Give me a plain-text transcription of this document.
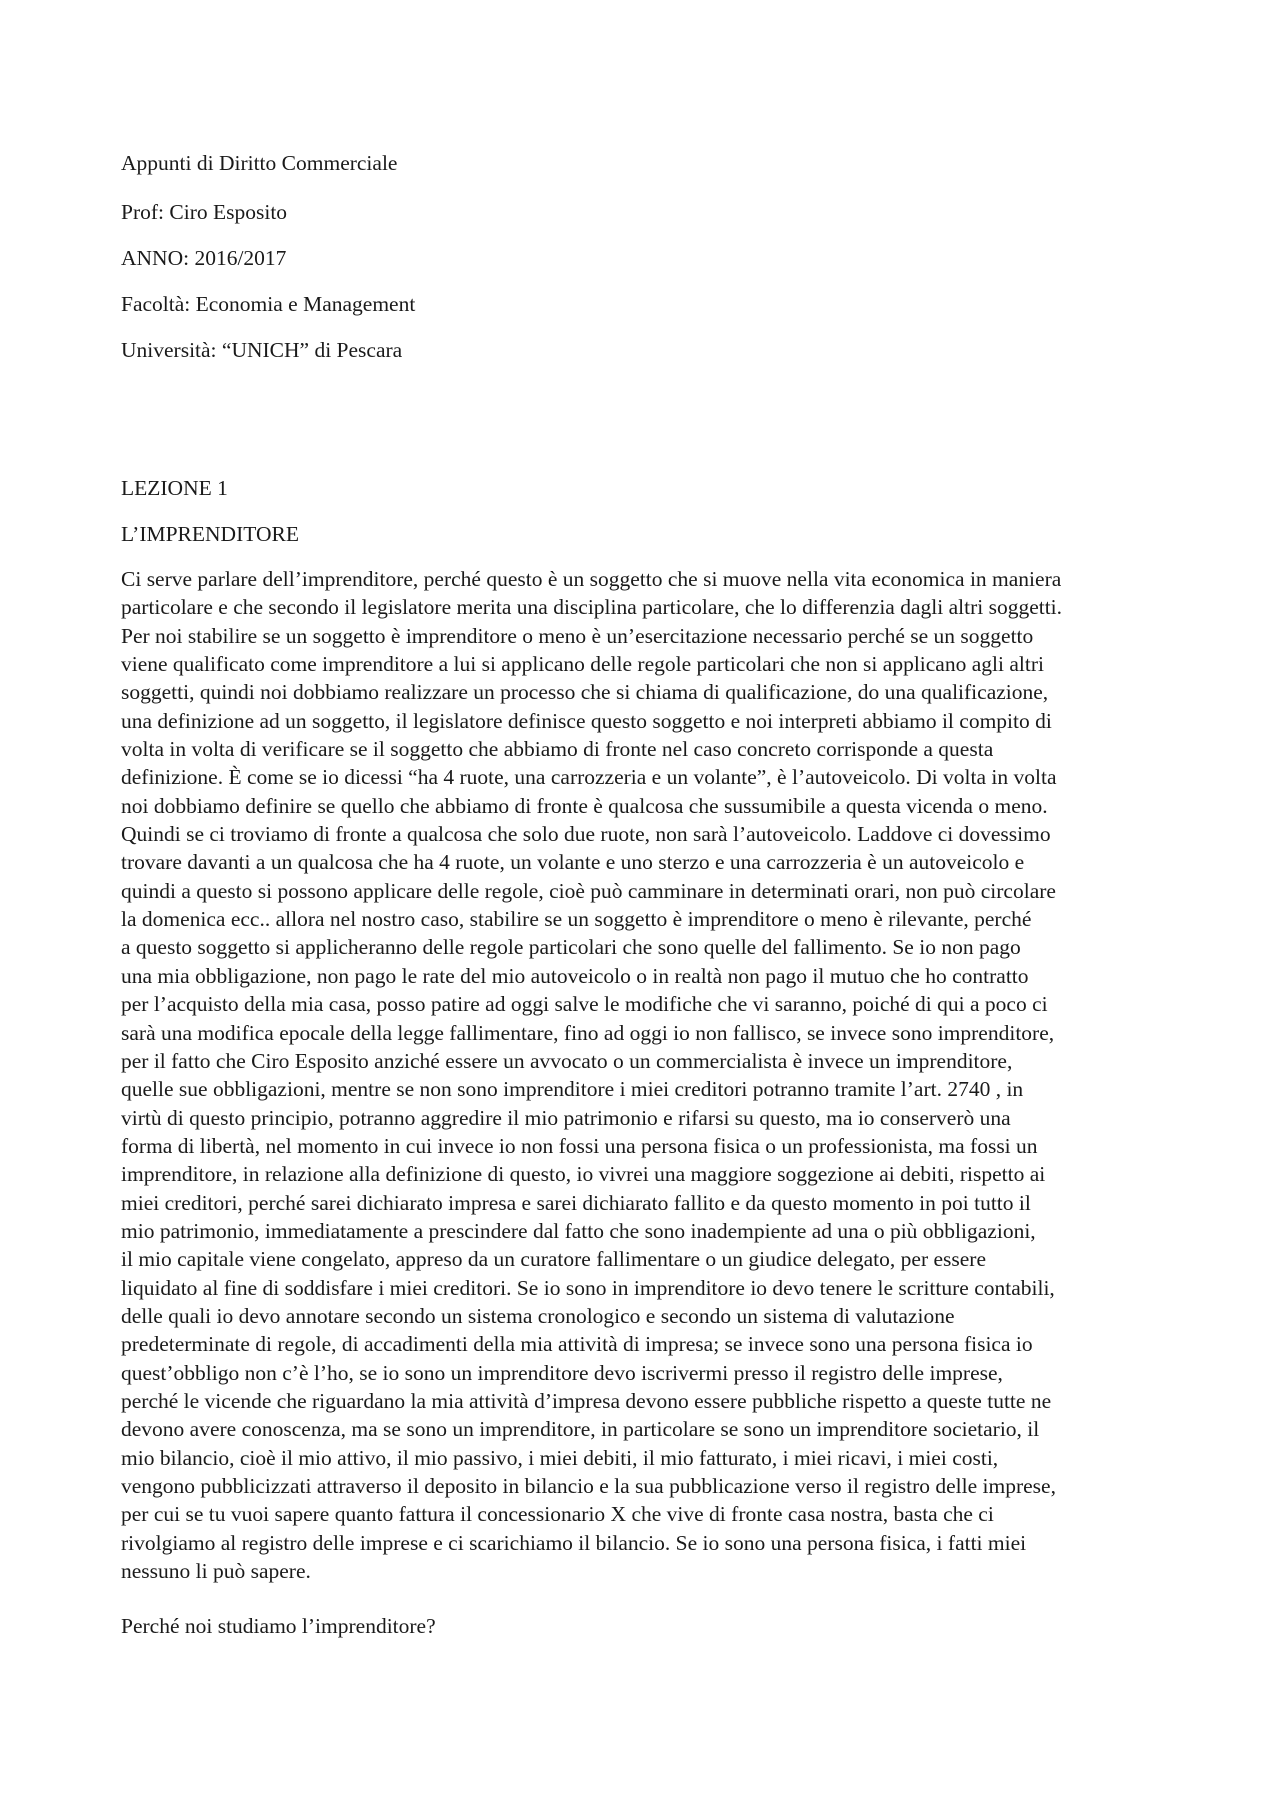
Appunti di Diritto Commerciale
Prof: Ciro Esposito
ANNO: 2016/2017
Facoltà: Economia e Management
Università: “UNICH” di Pescara
LEZIONE 1
L’IMPRENDITORE
Ci serve parlare dell’imprenditore, perché questo è un soggetto che si muove nella vita economica in maniera
particolare e che secondo il legislatore merita una disciplina particolare, che lo differenzia dagli altri soggetti.
Per noi stabilire se un soggetto è imprenditore o meno è un’esercitazione necessario perché se un soggetto
viene qualificato come imprenditore a lui si applicano delle regole particolari che non si applicano agli altri
soggetti, quindi noi dobbiamo realizzare un processo che si chiama di qualificazione, do una qualificazione,
una definizione ad un soggetto, il legislatore definisce questo soggetto e noi interpreti abbiamo il compito di
volta in volta di verificare se il soggetto che abbiamo di fronte nel caso concreto corrisponde a questa
definizione. È come se io dicessi “ha 4 ruote, una carrozzeria e un volante”, è l’autoveicolo. Di volta in volta
noi dobbiamo definire se quello che abbiamo di fronte è qualcosa che sussumibile a questa vicenda o meno.
Quindi se ci troviamo di fronte a qualcosa che solo due ruote, non sarà l’autoveicolo. Laddove ci dovessimo
trovare davanti a un qualcosa che ha 4 ruote, un volante e uno sterzo e una carrozzeria è un autoveicolo e
quindi a questo si possono applicare delle regole, cioè può camminare in determinati orari, non può circolare
la domenica ecc.. allora nel nostro caso, stabilire se un soggetto è imprenditore o meno è rilevante, perché
a questo soggetto si applicheranno delle regole particolari che sono quelle del fallimento. Se io non pago
una mia obbligazione, non pago le rate del mio autoveicolo o in realtà non pago il mutuo che ho contratto
per l’acquisto della mia casa, posso patire ad oggi salve le modifiche che vi saranno, poiché di qui a poco ci
sarà una modifica epocale della legge fallimentare, fino ad oggi io non fallisco, se invece sono imprenditore,
per il fatto che Ciro Esposito anziché essere un avvocato o un commercialista è invece un imprenditore,
quelle sue obbligazioni, mentre se non sono imprenditore i miei creditori potranno tramite l’art. 2740 , in
virtù di questo principio, potranno aggredire il mio patrimonio e rifarsi su questo, ma io conserverò una
forma di libertà, nel momento in cui invece io non fossi una persona fisica o un professionista, ma fossi un
imprenditore, in relazione alla definizione di questo, io vivrei una maggiore soggezione ai debiti, rispetto ai
miei creditori, perché sarei dichiarato impresa e sarei dichiarato fallito e da questo momento in poi tutto il
mio patrimonio, immediatamente a prescindere dal fatto che sono inadempiente ad una o più obbligazioni,
il mio capitale viene congelato, appreso da un curatore fallimentare o un giudice delegato, per essere
liquidato al fine di soddisfare i miei creditori. Se io sono in imprenditore io devo tenere le scritture contabili,
delle quali io devo annotare secondo un sistema cronologico e secondo un sistema di valutazione
predeterminate di regole, di accadimenti della mia attività di impresa; se invece sono una persona fisica io
quest’obbligo non c’è l’ho, se io sono un imprenditore devo iscrivermi presso il registro delle imprese,
perché le vicende che riguardano la mia attività d’impresa devono essere pubbliche rispetto a queste tutte ne
devono avere conoscenza, ma se sono un imprenditore, in particolare se sono un imprenditore societario, il
mio bilancio, cioè il mio attivo, il mio passivo, i miei debiti, il mio fatturato, i miei ricavi, i miei costi,
vengono pubblicizzati attraverso il deposito in bilancio e la sua pubblicazione verso il registro delle imprese,
per cui se tu vuoi sapere quanto fattura il concessionario X che vive di fronte casa nostra, basta che ci
rivolgiamo al registro delle imprese e ci scarichiamo il bilancio. Se io sono una persona fisica, i fatti miei
nessuno li può sapere.
Perché noi studiamo l’imprenditore?
